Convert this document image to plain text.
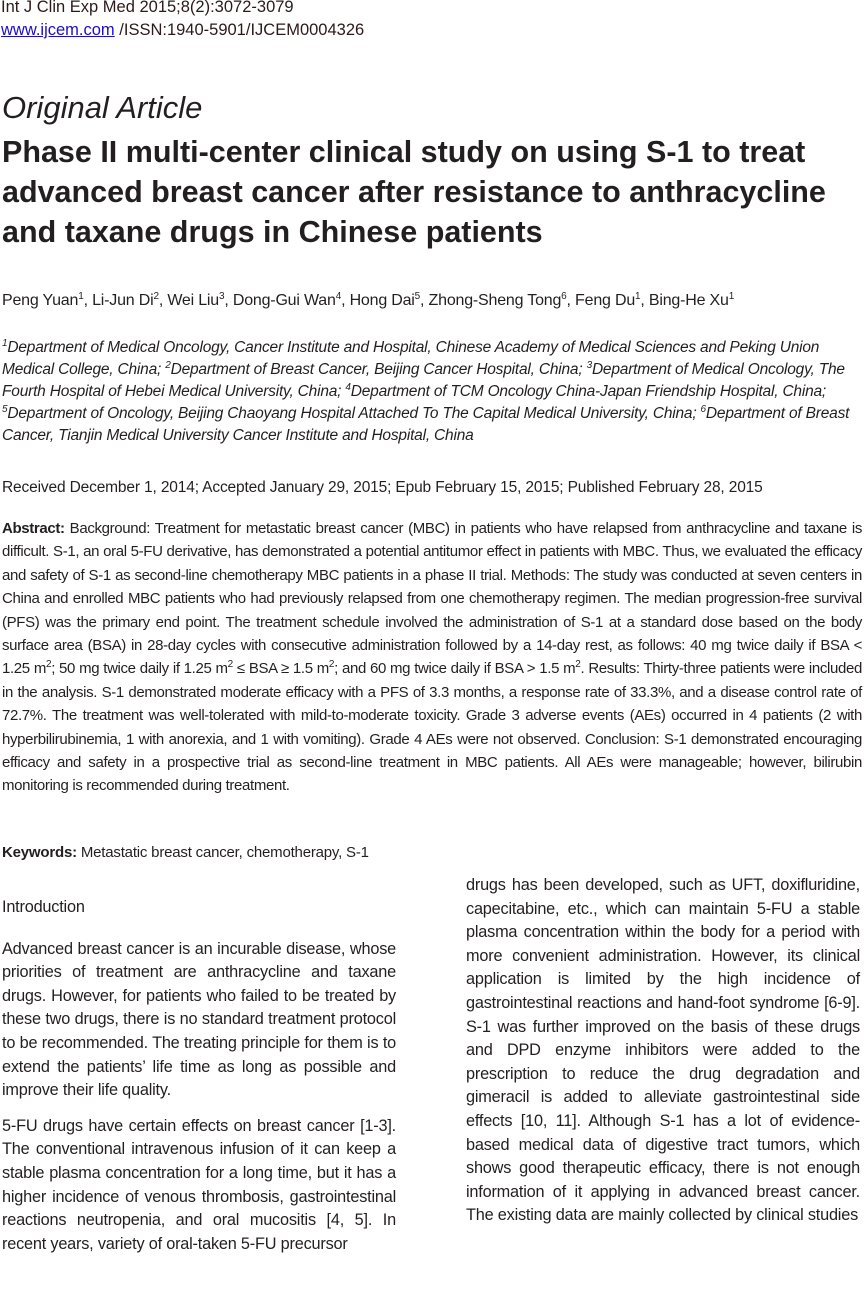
Int J Clin Exp Med 2015;8(2):3072-3079
www.ijcem.com /ISSN:1940-5901/IJCEM0004326
Original Article
Phase II multi-center clinical study on using S-1 to treat advanced breast cancer after resistance to anthracycline and taxane drugs in Chinese patients
Peng Yuan$^1$, Li-Jun Di$^2$, Wei Liu$^3$, Dong-Gui Wan$^4$, Hong Dai$^5$, Zhong-Sheng Tong$^6$, Feng Du$^1$, Bing-He Xu$^1$
$^1$Department of Medical Oncology, Cancer Institute and Hospital, Chinese Academy of Medical Sciences and Peking Union Medical College, China; $^2$Department of Breast Cancer, Beijing Cancer Hospital, China; $^3$Department of Medical Oncology, The Fourth Hospital of Hebei Medical University, China; $^4$Department of TCM Oncology China-Japan Friendship Hospital, China; $^5$Department of Oncology, Beijing Chaoyang Hospital Attached To The Capital Medical University, China; $^6$Department of Breast Cancer, Tianjin Medical University Cancer Institute and Hospital, China
Received December 1, 2014; Accepted January 29, 2015; Epub February 15, 2015; Published February 28, 2015
Abstract: Background: Treatment for metastatic breast cancer (MBC) in patients who have relapsed from anthracycline and taxane is difficult. S-1, an oral 5-FU derivative, has demonstrated a potential antitumor effect in patients with MBC. Thus, we evaluated the efficacy and safety of S-1 as second-line chemotherapy MBC patients in a phase II trial. Methods: The study was conducted at seven centers in China and enrolled MBC patients who had previously relapsed from one chemotherapy regimen. The median progression-free survival (PFS) was the primary end point. The treatment schedule involved the administration of S-1 at a standard dose based on the body surface area (BSA) in 28-day cycles with consecutive administration followed by a 14-day rest, as follows: 40 mg twice daily if BSA < 1.25 $m^2$; 50 mg twice daily if 1.25 $m^2$ ≤ BSA ≥ 1.5 $m^2$; and 60 mg twice daily if BSA > 1.5 $m^2$. Results: Thirty-three patients were included in the analysis. S-1 demonstrated moderate efficacy with a PFS of 3.3 months, a response rate of 33.3%, and a disease control rate of 72.7%. The treatment was well-tolerated with mild-to-moderate toxicity. Grade 3 adverse events (AEs) occurred in 4 patients (2 with hyperbilirubinemia, 1 with anorexia, and 1 with vomiting). Grade 4 AEs were not observed. Conclusion: S-1 demonstrated encouraging efficacy and safety in a prospective trial as second-line treatment in MBC patients. All AEs were manageable; however, bilirubin monitoring is recommended during treatment.
Keywords: Metastatic breast cancer, chemotherapy, S-1
Introduction

Advanced breast cancer is an incurable disease, whose priorities of treatment are anthracycline and taxane drugs. However, for patients who failed to be treated by these two drugs, there is no standard treatment protocol to be recommended. The treating principle for them is to extend the patients’ life time as long as possible and improve their life quality.

5-FU drugs have certain effects on breast cancer [1-3]. The conventional intravenous infusion of it can keep a stable plasma concentration for a long time, but it has a higher incidence of venous thrombosis, gastrointestinal reactions neutropenia, and oral mucositis [4, 5]. In recent years, variety of oral-taken 5-FU precursor

drugs has been developed, such as UFT, doxifluridine, capecitabine, etc., which can maintain 5-FU a stable plasma concentration within the body for a period with more convenient administration. However, its clinical application is limited by the high incidence of gastrointestinal reactions and hand-foot syndrome [6-9]. S-1 was further improved on the basis of these drugs and DPD enzyme inhibitors were added to the prescription to reduce the drug degradation and gimeracil is added to alleviate gastrointestinal side effects [10, 11]. Although S-1 has a lot of evidence-based medical data of digestive tract tumors, which shows good therapeutic efficacy, there is not enough information of it applying in advanced breast cancer. The existing data are mainly collected by clinical studies
